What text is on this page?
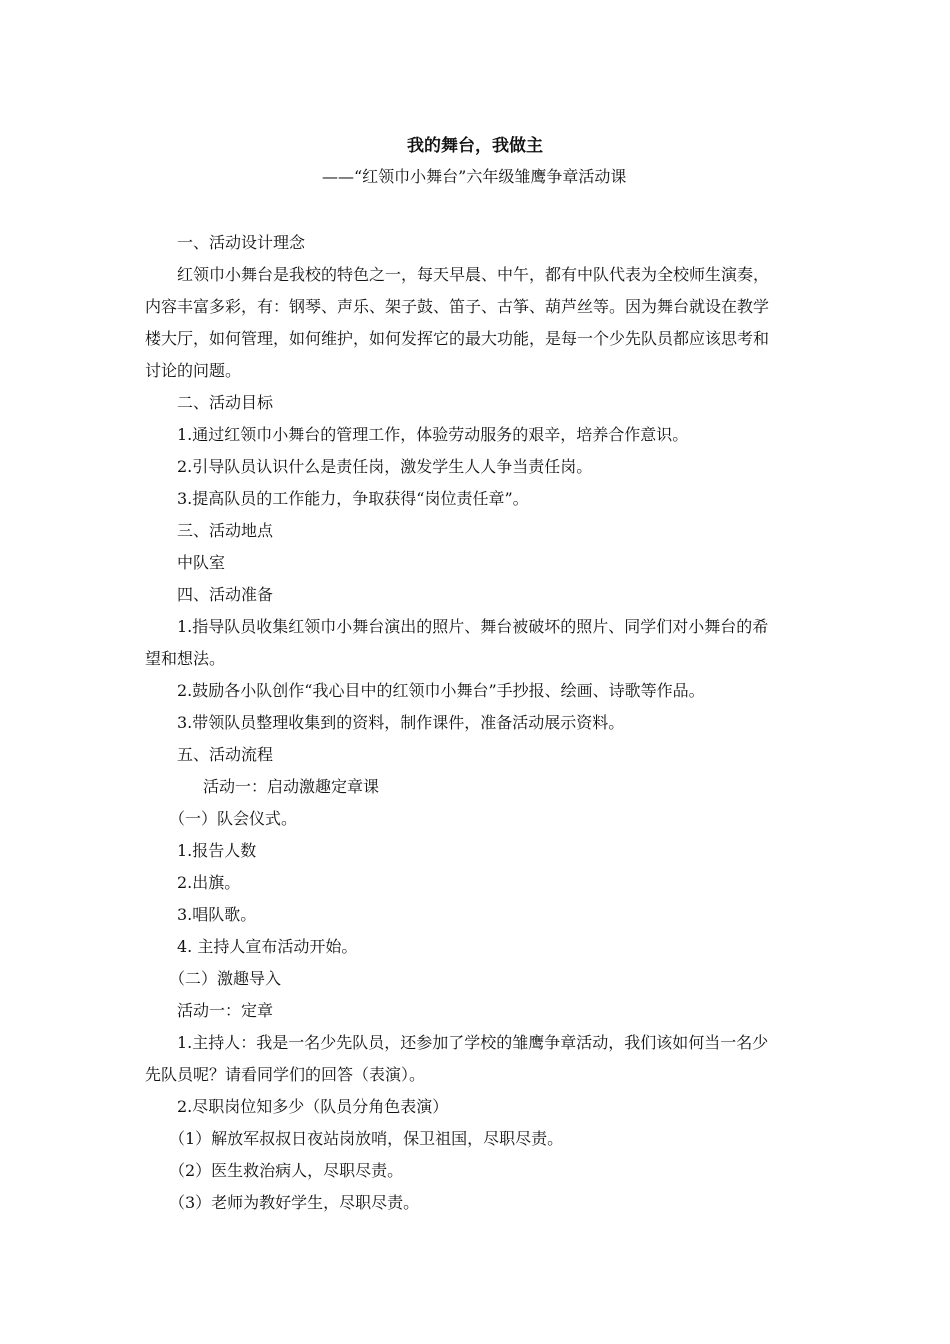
我的舞台，我做主
——“红领巾小舞台”六年级雏鹰争章活动课

一、活动设计理念

红领巾小舞台是我校的特色之一，每天早晨、中午，都有中队代表为全校师生演奏，
内容丰富多彩，有：钢琴、声乐、架子鼓、笛子、古筝、葫芦丝等。因为舞台就设在教学
楼大厅，如何管理，如何维护，如何发挥它的最大功能，是每一个少先队员都应该思考和
讨论的问题。

二、活动目标

1.通过红领巾小舞台的管理工作，体验劳动服务的艰辛，培养合作意识。

2.引导队员认识什么是责任岗，激发学生人人争当责任岗。

3.提高队员的工作能力，争取获得“岗位责任章”。

三、活动地点

中队室

四、活动准备

1.指导队员收集红领巾小舞台演出的照片、舞台被破坏的照片、同学们对小舞台的希
望和想法。

2.鼓励各小队创作“我心目中的红领巾小舞台”手抄报、绘画、诗歌等作品。

3.带领队员整理收集到的资料，制作课件，准备活动展示资料。

五、活动流程

活动一：启动激趣定章课

（一）队会仪式。

1.报告人数

2.出旗。

3.唱队歌。

4. 主持人宣布活动开始。

（二）激趣导入

活动一：定章

1.主持人：我是一名少先队员，还参加了学校的雏鹰争章活动，我们该如何当一名少
先队员呢？请看同学们的回答（表演）。

2.尽职岗位知多少（队员分角色表演）

（1）解放军叔叔日夜站岗放哨，保卫祖国，尽职尽责。

（2）医生救治病人，尽职尽责。

（3）老师为教好学生，尽职尽责。
